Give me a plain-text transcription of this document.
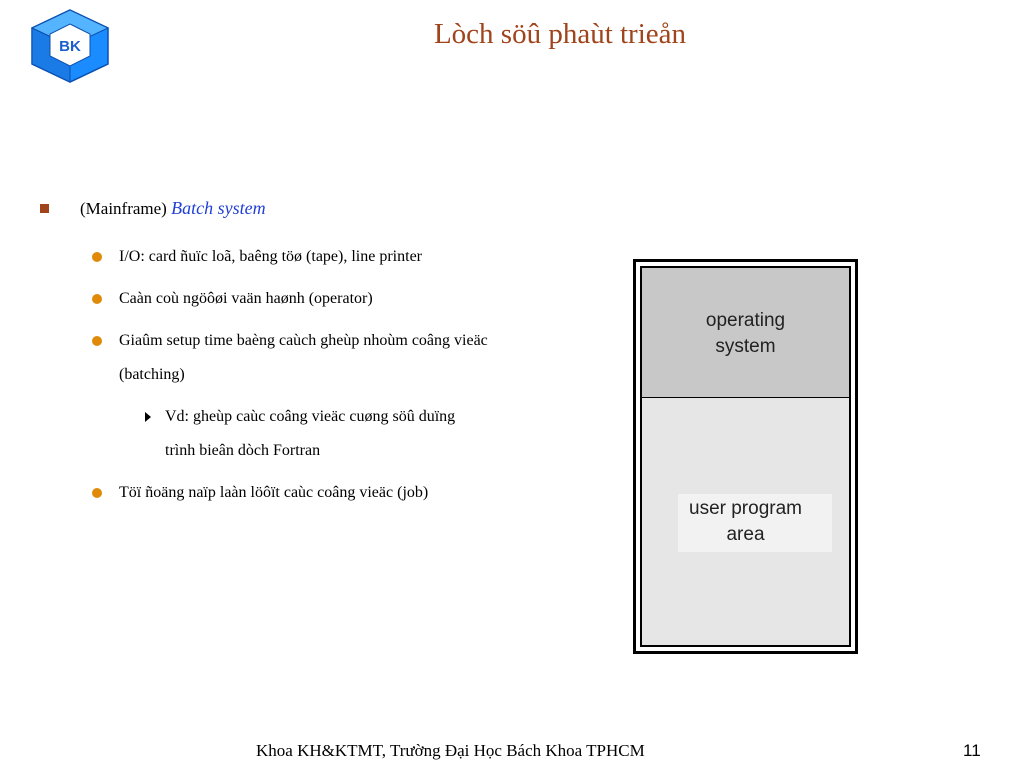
BK	Lòch söû phaùt trieån
(Mainframe) Batch system
I/O: card ñuïc loã, baêng töø (tape), line printer
Caàn coù ngöôøi vaän haønh (operator)
Giaûm setup time baèng caùch gheùp nhoùm coâng vieäc (batching)
Vd: gheùp caùc coâng vieäc cuøng söû duïng trình bieân dòch Fortran
Töï ñoäng naïp laàn löôït caùc coâng vieäc (job)
operating
system
user program
area
Khoa KH&KTMT, Trường Đại Học Bách Khoa TPHCM	11
